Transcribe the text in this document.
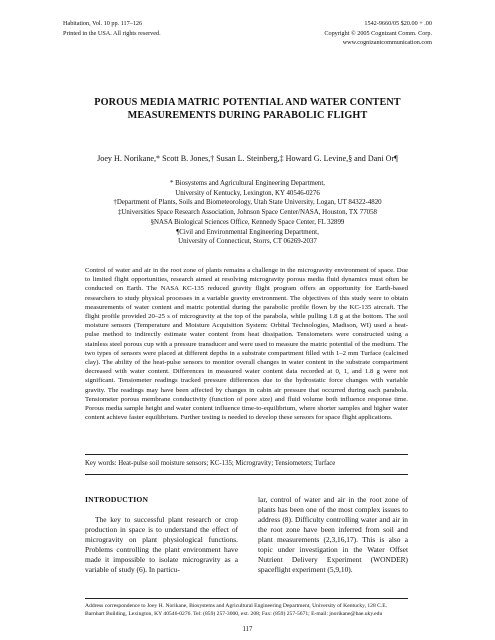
Habitation, Vol. 10 pp. 117–126
Printed in the USA. All rights reserved.
1542-9660/05 $20.00 + .00
Copyright © 2005 Cognizant Comm. Corp.
www.cognizantcommunication.com
POROUS MEDIA MATRIC POTENTIAL AND WATER CONTENT MEASUREMENTS DURING PARABOLIC FLIGHT
Joey H. Norikane,* Scott B. Jones,† Susan L. Steinberg,‡ Howard G. Levine,§ and Dani Or¶
* Biosystems and Agricultural Engineering Department,
University of Kentucky, Lexington, KY 40546-0276
†Department of Plants, Soils and Biometeorology, Utah State University, Logan, UT 84322-4820
‡Universities Space Research Association, Johnson Space Center/NASA, Houston, TX 77058
§NASA Biological Sciences Office, Kennedy Space Center, FL 32899
¶Civil and Environmental Engineering Department,
University of Connecticut, Storrs, CT 06269-2037

Control of water and air in the root zone of plants remains a challenge in the microgravity environment of space. Due to limited flight opportunities, research aimed at resolving microgravity porous media fluid dynamics must often be conducted on Earth. The NASA KC-135 reduced gravity flight program offers an opportunity for Earth-based researchers to study physical processes in a variable gravity environment. The objectives of this study were to obtain measurements of water content and matric potential during the parabolic profile flown by the KC-135 aircraft. The flight profile provided 20–25 s of microgravity at the top of the parabola, while pulling 1.8 g at the bottom. The soil moisture sensors (Temperature and Moisture Acquisition System: Orbital Technologies, Madison, WI) used a heat-pulse method to indirectly estimate water content from heat dissipation. Tensiometers were constructed using a stainless steel porous cup with a pressure transducer and were used to measure the matric potential of the medium. The two types of sensors were placed at different depths in a substrate compartment filled with 1–2 mm Turface (calcined clay). The ability of the heat-pulse sensors to monitor overall changes in water content in the substrate compartment decreased with water content. Differences in measured water content data recorded at 0, 1, and 1.8 g were not significant. Tensiometer readings tracked pressure differences due to the hydrostatic force changes with variable gravity. The readings may have been affected by changes in cabin air pressure that occurred during each parabola. Tensiometer porous membrane conductivity (function of pore size) and fluid volume both influence response time. Porous media sample height and water content influence time-to-equilibrium, where shorter samples and higher water content achieve faster equilibrium. Further testing is needed to develop these sensors for space flight applications.

Key words: Heat-pulse soil moisture sensors; KC-135; Microgravity; Tensiometers; Turface
INTRODUCTION

The key to successful plant research or crop production in space is to understand the effect of microgravity on plant physiological functions. Problems controlling the plant environment have made it impossible to isolate microgravity as a variable of study (6). In particu-

lar, control of water and air in the root zone of plants has been one of the most complex issues to address (8). Difficulty controlling water and air in the root zone have been inferred from soil and plant measurements (2,3,16,17). This is also a topic under investigation in the Water Offset Nutrient Delivery Experiment (WONDER) spaceflight experiment (5,9,10).

Address correspondence to Joey H. Norikane, Biosystems and Agricultural Engineering Department, University of Kentucky, 128 C.E. Barnhart Building, Lexington, KY 40546-0276. Tel: (859) 257-3000, ext. 208; Fax: (859) 257-5671; E-mail: jnorikane@bae.uky.edu
117
